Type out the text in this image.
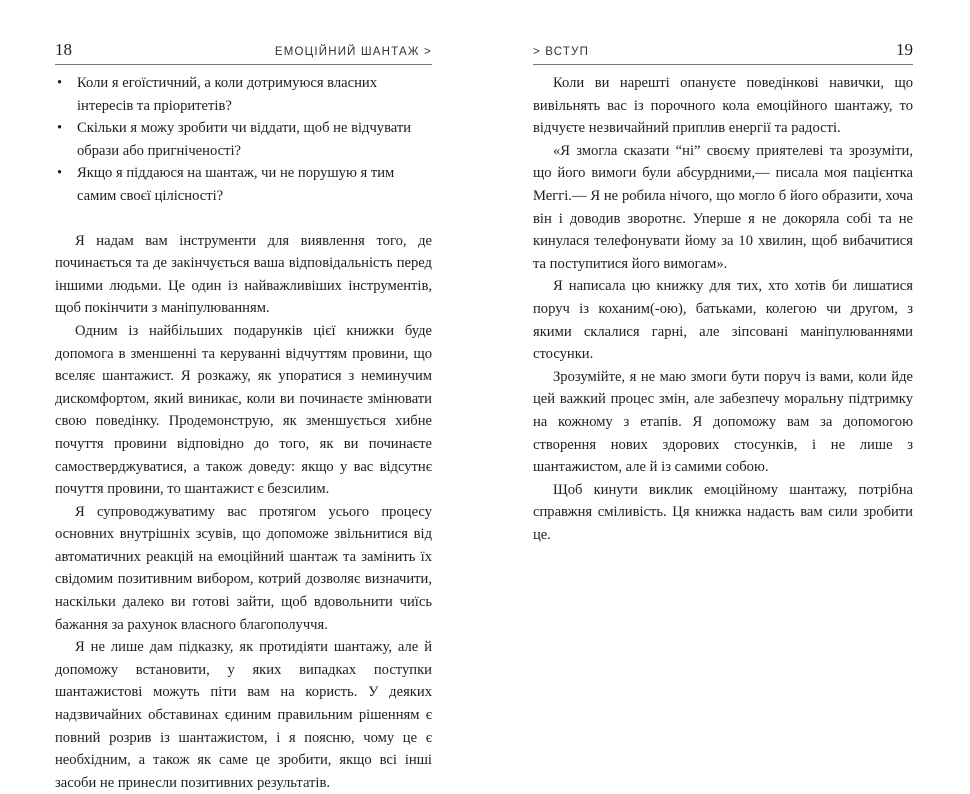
18	ЕМОЦІЙНИЙ ШАНТАЖ >
• Коли я егоїстичний, а коли дотримуюся власних інтересів та пріоритетів?
• Скільки я можу зробити чи віддати, щоб не відчувати образи або пригніченості?
• Якщо я піддаюся на шантаж, чи не порушую я тим самим своєї цілісності?

Я надам вам інструменти для виявлення того, де починається та де закінчується ваша відповідальність перед іншими людьми. Це один із найважливіших інструментів, щоб покінчити з маніпулюванням.

Одним із найбільших подарунків цієї книжки буде допомога в зменшенні та керуванні відчуттям провини, що вселяє шантажист. Я розкажу, як упоратися з неминучим дискомфортом, який виникає, коли ви починаєте змінювати свою поведінку. Продемонструю, як зменшується хибне почуття провини відповідно до того, як ви починаєте самостверджуватися, а також доведу: якщо у вас відсутнє почуття провини, то шантажист є безсилим.

Я супроводжуватиму вас протягом усього процесу основних внутрішніх зсувів, що допоможе звільнитися від автоматичних реакцій на емоційний шантаж та замінить їх свідомим позитивним вибором, котрий дозволяє визначити, наскільки далеко ви готові зайти, щоб вдовольнити чиїсь бажання за рахунок власного благополуччя.

Я не лише дам підказку, як протидіяти шантажу, але й допоможу встановити, у яких випадках поступки шантажистові можуть піти вам на користь. У деяких надзвичайних обставинах єдиним правильним рішенням є повний розрив із шантажистом, і я поясню, чому це є необхідним, а також як саме це зробити, якщо всі інші засоби не принесли позитивних результатів.

> ВСТУП	19

Коли ви нарешті опануєте поведінкові навички, що вивільнять вас із порочного кола емоційного шантажу, то відчуєте незвичайний приплив енергії та радості.

«Я змогла сказати “ні” своєму приятелеві та зрозуміти, що його вимоги були абсурдними,— писала моя пацієнтка Меггі.— Я не робила нічого, що могло б його образити, хоча він і доводив зворотнє. Уперше я не докоряла собі та не кинулася телефонувати йому за 10 хвилин, щоб вибачитися та поступитися його вимогам».

Я написала цю книжку для тих, хто хотів би лишатися поруч із коханим(-ою), батьками, колегою чи другом, з якими склалися гарні, але зіпсовані маніпулюваннями стосунки.

Зрозумійте, я не маю змоги бути поруч із вами, коли йде цей важкий процес змін, але забезпечу моральну підтримку на кожному з етапів. Я допоможу вам за допомогою створення нових здорових стосунків, і не лише з шантажистом, але й із самими собою.

Щоб кинути виклик емоційному шантажу, потрібна справжня сміливість. Ця книжка надасть вам сили зробити це.
